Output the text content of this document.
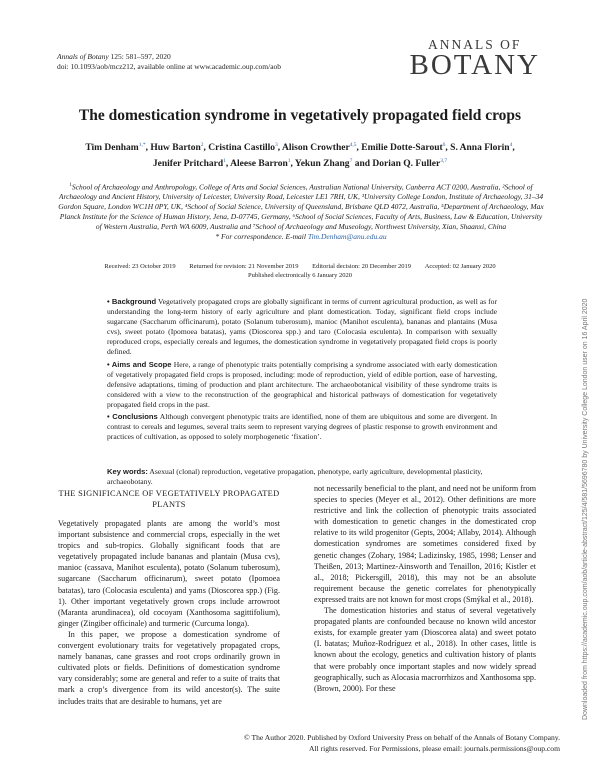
Annals of Botany 125: 581–597, 2020
doi: 10.1093/aob/mcz212, available online at www.academic.oup.com/aob
ANNALS OF
BOTANY
Downloaded from https://academic.oup.com/aob/article-abstract/125/4/581/5696780 by University College London user on 16 April 2020
The domestication syndrome in vegetatively propagated field crops
Tim Denham$^{1,*}$, Huw Barton$^2$, Cristina Castillo$^3$, Alison Crowther$^{4,5}$, Emilie Dotte-Sarout$^6$, S. Anna Florin$^4$,
Jenifer Pritchard$^1$, Aleese Barron$^1$, Yekun Zhang$^7$ and Dorian Q. Fuller$^{3,7}$
$^1$School of Archaeology and Anthropology, College of Arts and Social Sciences, Australian National University, Canberra ACT 0200, Australia, ²School of Archaeology and Ancient History, University of Leicester, University Road, Leicester LE1 7RH, UK, ³University College London, Institute of Archaeology, 31–34 Gordon Square, London WC1H 0PY, UK, ⁴School of Social Science, University of Queensland, Brisbane QLD 4072, Australia, ⁵Department of Archaeology, Max Planck Institute for the Science of Human History, Jena, D-07745, Germany, ⁶School of Social Sciences, Faculty of Arts, Business, Law & Education, University of Western Australia, Perth WA 6009, Australia and ⁷School of Archaeology and Museology, Northwest University, Xian, Shaanxi, China
* For correspondence. E-mail Tim.Denham@anu.edu.au
Received: 23 October 2019 Returned for revision: 21 November 2019 Editorial decision: 20 December 2019 Accepted: 02 January 2020
Published electronically 6 January 2020

• Background Vegetatively propagated crops are globally significant in terms of current agricultural production, as well as for understanding the long-term history of early agriculture and plant domestication. Today, significant field crops include sugarcane (Saccharum officinarum), potato (Solanum tuberosum), manioc (Manihot esculenta), bananas and plantains (Musa cvs), sweet potato (Ipomoea batatas), yams (Dioscorea spp.) and taro (Colocasia esculenta). In comparison with sexually reproduced crops, especially cereals and legumes, the domestication syndrome in vegetatively propagated field crops is poorly defined.

• Aims and Scope Here, a range of phenotypic traits potentially comprising a syndrome associated with early domestication of vegetatively propagated field crops is proposed, including: mode of reproduction, yield of edible portion, ease of harvesting, defensive adaptations, timing of production and plant architecture. The archaeobotanical visibility of these syndrome traits is considered with a view to the reconstruction of the geographical and historical pathways of domestication for vegetatively propagated field crops in the past.

• Conclusions Although convergent phenotypic traits are identified, none of them are ubiquitous and some are divergent. In contrast to cereals and legumes, several traits seem to represent varying degrees of plastic response to growth environment and practices of cultivation, as opposed to solely morphogenetic ‘fixation’.

Key words: Asexual (clonal) reproduction, vegetative propagation, phenotype, early agriculture, developmental plasticity, archaeobotany.
THE SIGNIFICANCE OF VEGETATIVELY PROPAGATED PLANTS

Vegetatively propagated plants are among the world’s most important subsistence and commercial crops, especially in the wet tropics and sub-tropics. Globally significant foods that are vegetatively propagated include bananas and plantain (Musa cvs), manioc (cassava, Manihot esculenta), potato (Solanum tuberosum), sugarcane (Saccharum officinarum), sweet potato (Ipomoea batatas), taro (Colocasia esculenta) and yams (Dioscorea spp.) (Fig. 1). Other important vegetatively grown crops include arrowroot (Maranta arundinacea), old cocoyam (Xanthosoma sagittifolium), ginger (Zingiber officinale) and turmeric (Curcuma longa).

In this paper, we propose a domestication syndrome of convergent evolutionary traits for vegetatively propagated crops, namely bananas, cane grasses and root crops ordinarily grown in cultivated plots or fields. Definitions of domestication syndrome vary considerably; some are general and refer to a suite of traits that mark a crop’s divergence from its wild ancestor(s). The suite includes traits that are desirable to humans, yet are

not necessarily beneficial to the plant, and need not be uniform from species to species (Meyer et al., 2012). Other definitions are more restrictive and link the collection of phenotypic traits associated with domestication to genetic changes in the domesticated crop relative to its wild progenitor (Gepts, 2004; Allaby, 2014). Although domestication syndromes are sometimes considered fixed by genetic changes (Zohary, 1984; Ladizinsky, 1985, 1998; Lenser and Theißen, 2013; Martinez-Ainsworth and Tenaillon, 2016; Kistler et al., 2018; Pickersgill, 2018), this may not be an absolute requirement because the genetic correlates for phenotypically expressed traits are not known for most crops (Smýkal et al., 2018).

The domestication histories and status of several vegetatively propagated plants are confounded because no known wild ancestor exists, for example greater yam (Dioscorea alata) and sweet potato (I. batatas; Muñoz-Rodríguez et al., 2018). In other cases, little is known about the ecology, genetics and cultivation history of plants that were probably once important staples and now widely spread geographically, such as Alocasia macrorrhizos and Xanthosoma spp. (Brown, 2000). For these

© The Author 2020. Published by Oxford University Press on behalf of the Annals of Botany Company.
All rights reserved. For Permissions, please email: journals.permissions@oup.com
